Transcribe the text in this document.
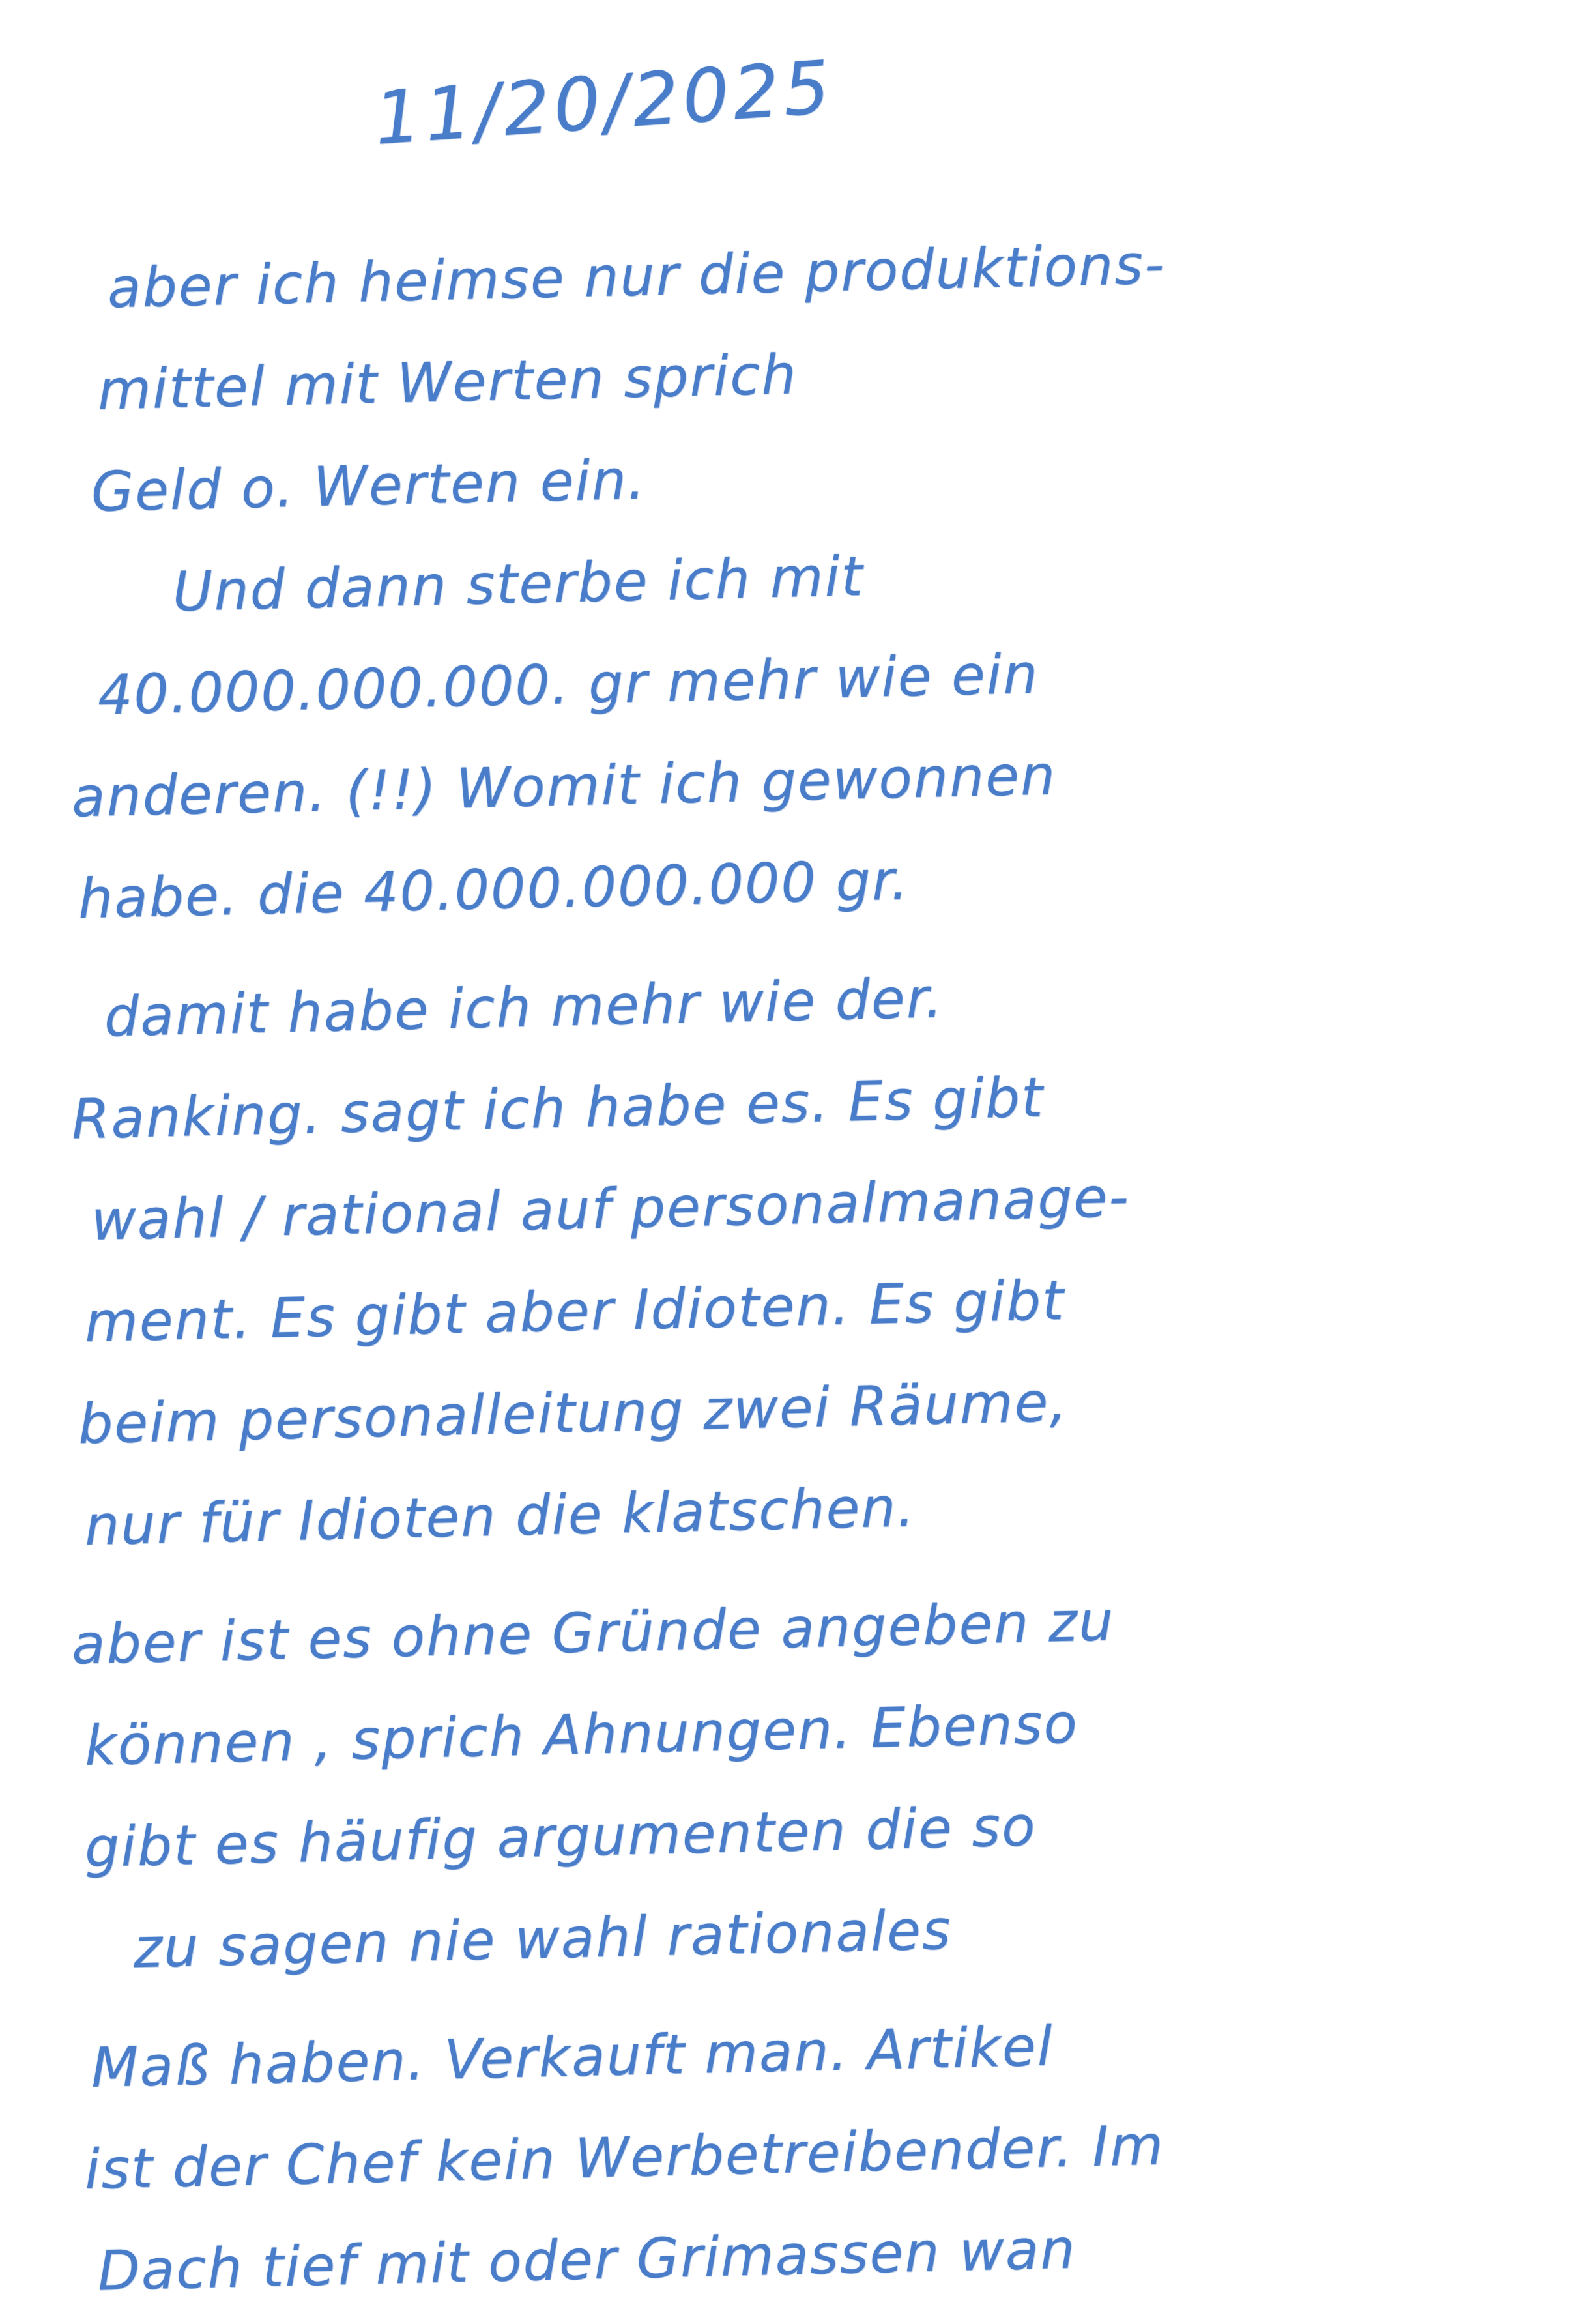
11/20/2025
aber ich heimse nur die produktions-
mittel mit Werten sprich
Geld o. Werten ein.
Und dann sterbe ich mit
40.000.000.000. gr mehr wie ein
anderen. (!!) Womit ich gewonnen
habe. die 40.000.000.000 gr.
damit habe ich mehr wie der.
Ranking. sagt ich habe es. Es gibt
wahl / rational auf personalmanage-
ment. Es gibt aber Idioten. Es gibt
beim personalleitung zwei Räume,
nur für Idioten die klatschen.
aber ist es ohne Gründe angeben zu
können , sprich Ahnungen. Ebenso
gibt es häufig argumenten die so
zu sagen nie wahl rationales
Maß haben. Verkauft man. Artikel
ist der Chef kein Werbetreibender. Im
Dach tief mit oder Grimassen wan
